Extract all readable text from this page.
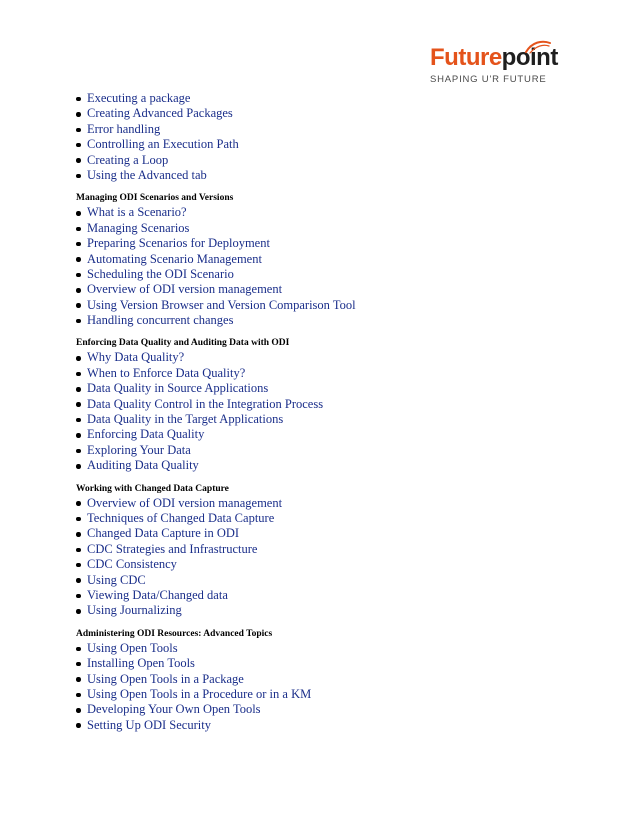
Futurepoint
SHAPING U'R FUTURE
Executing a package
Creating Advanced Packages
Error handling
Controlling an Execution Path
Creating a Loop
Using the Advanced tab
Managing ODI Scenarios and Versions
What is a Scenario?
Managing Scenarios
Preparing Scenarios for Deployment
Automating Scenario Management
Scheduling the ODI Scenario
Overview of ODI version management
Using Version Browser and Version Comparison Tool
Handling concurrent changes
Enforcing Data Quality and Auditing Data with ODI
Why Data Quality?
When to Enforce Data Quality?
Data Quality in Source Applications
Data Quality Control in the Integration Process
Data Quality in the Target Applications
Enforcing Data Quality
Exploring Your Data
Auditing Data Quality
Working with Changed Data Capture
Overview of ODI version management
Techniques of Changed Data Capture
Changed Data Capture in ODI
CDC Strategies and Infrastructure
CDC Consistency
Using CDC
Viewing Data/Changed data
Using Journalizing
Administering ODI Resources: Advanced Topics
Using Open Tools
Installing Open Tools
Using Open Tools in a Package
Using Open Tools in a Procedure or in a KM
Developing Your Own Open Tools
Setting Up ODI Security
